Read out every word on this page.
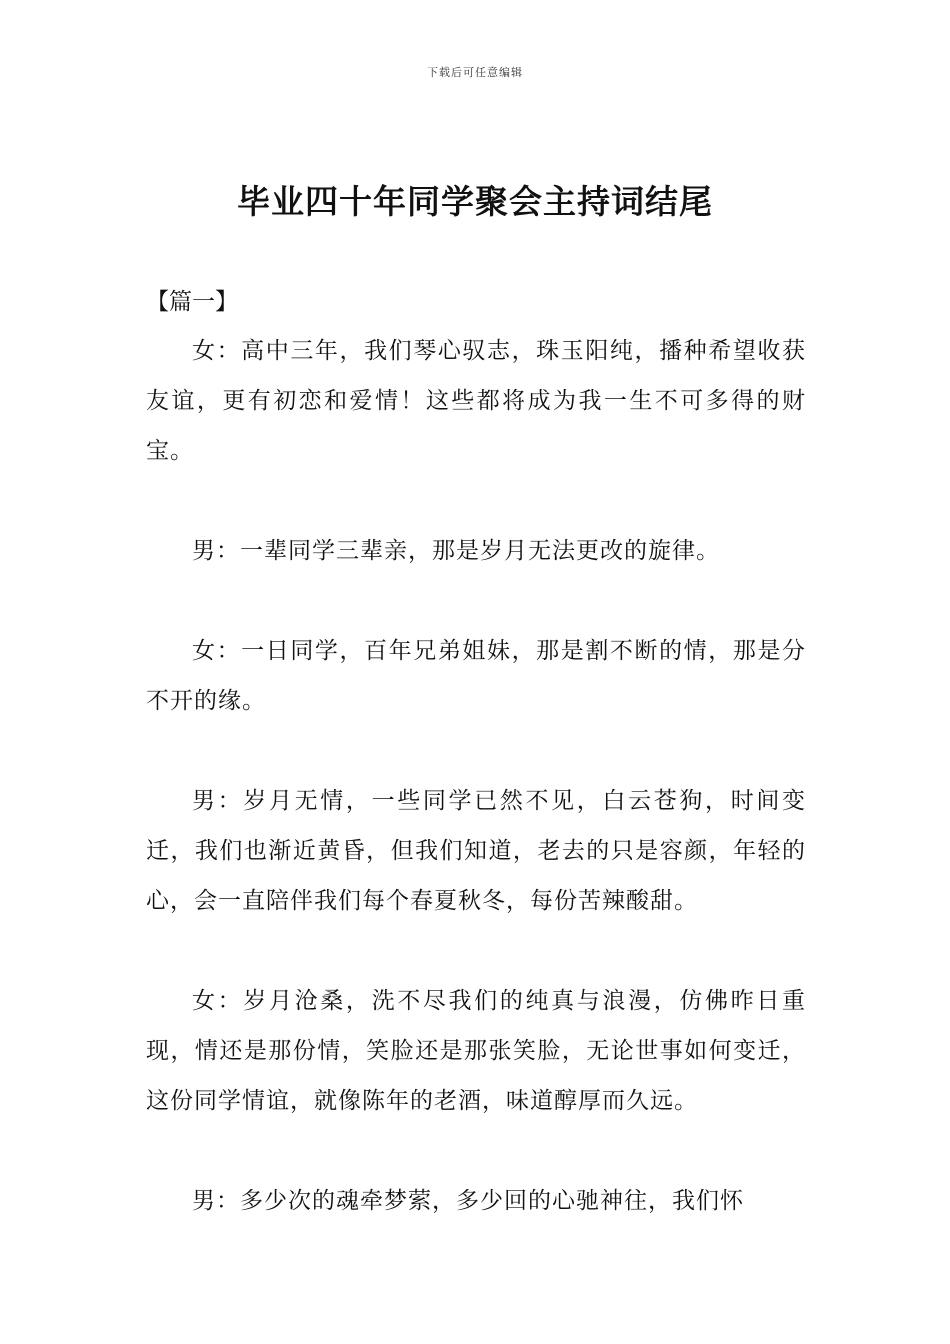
下载后可任意编辑
毕业四十年同学聚会主持词结尾
【篇一】

女：高中三年，我们琴心驭志，珠玉阳纯，播种希望收获友谊，更有初恋和爱情！这些都将成为我一生不可多得的财宝。

男：一辈同学三辈亲，那是岁月无法更改的旋律。

女：一日同学，百年兄弟姐妹，那是割不断的情，那是分不开的缘。

男：岁月无情，一些同学已然不见，白云苍狗，时间变迁，我们也渐近黄昏，但我们知道，老去的只是容颜，年轻的心，会一直陪伴我们每个春夏秋冬，每份苦辣酸甜。

女：岁月沧桑，洗不尽我们的纯真与浪漫，仿佛昨日重现，情还是那份情，笑脸还是那张笑脸，无论世事如何变迁，这份同学情谊，就像陈年的老酒，味道醇厚而久远。

男：多少次的魂牵梦萦，多少回的心驰神往，我们怀
